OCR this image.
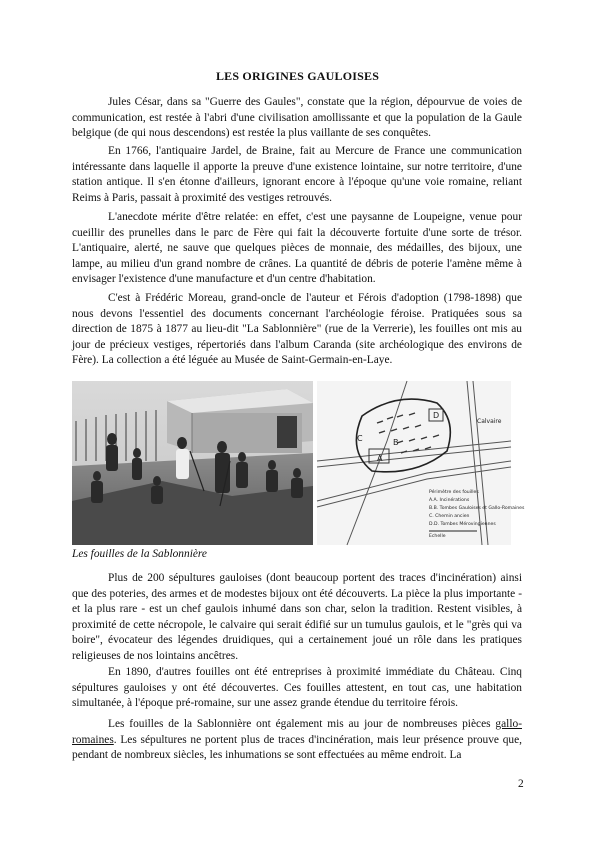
LES ORIGINES GAULOISES

Jules César, dans sa "Guerre des Gaules", constate que la région, dépourvue de voies de communication, est restée à l'abri d'une civilisation amollissante et que la population de la Gaule belgique (de qui nous descendons) est restée la plus vaillante de ses conquêtes.

En 1766, l'antiquaire Jardel, de Braine, fait au Mercure de France une communication intéressante dans laquelle il apporte la preuve d'une existence lointaine, sur notre territoire, d'une station antique. Il s'en étonne d'ailleurs, ignorant encore à l'époque qu'une voie romaine, reliant Reims à Paris, passait à proximité des vestiges retrouvés.

L'anecdote mérite d'être relatée: en effet, c'est une paysanne de Loupeigne, venue pour cueillir des prunelles dans le parc de Fère qui fait la découverte fortuite d'une sorte de trésor. L'antiquaire, alerté, ne sauve que quelques pièces de monnaie, des médailles, des bijoux, une lampe, au milieu d'un grand nombre de crânes. La quantité de débris de poterie l'amène même à envisager l'existence d'une manufacture et d'un centre d'habitation.

C'est à Frédéric Moreau, grand-oncle de l'auteur et Férois d'adoption (1798-1898) que nous devons l'essentiel des documents concernant l'archéologie féroise. Pratiquées sous sa direction de 1875 à 1877 au lieu-dit "La Sablonnière" (rue de la Verrerie), les fouilles ont mis au jour de précieux vestiges, répertoriés dans l'album Caranda (site archéologique des environs de Fère). La collection a été léguée au Musée de Saint-Germain-en-Laye.

A
B
C
D
Calvaire
Périmètre des fouilles
A.A. Incinérations
B.B. Tombes Gauloises et Gallo-Romaines
C. Chemin ancien
D.D. Tombes Mérovingiennes
Echelle
Les fouilles de la Sablonnière

Plus de 200 sépultures gauloises (dont beaucoup portent des traces d'incinération) ainsi que des poteries, des armes et de modestes bijoux ont été découverts. La pièce la plus importante - et la plus rare - est un chef gaulois inhumé dans son char, selon la tradition. Restent visibles, à proximité de cette nécropole, le calvaire qui serait édifié sur un tumulus gaulois, et le "grès qui va boire", évocateur des légendes druidiques, qui a certainement joué un rôle dans les pratiques religieuses de nos lointains ancêtres.

En 1890, d'autres fouilles ont été entreprises à proximité immédiate du Château. Cinq sépultures gauloises y ont été découvertes. Ces fouilles attestent, en tout cas, une habitation simultanée, à l'époque pré-romaine, sur une assez grande étendue du territoire férois.

Les fouilles de la Sablonnière ont également mis au jour de nombreuses pièces gallo-romaines. Les sépultures ne portent plus de traces d'incinération, mais leur présence prouve que, pendant de nombreux siècles, les inhumations se sont effectuées au même endroit. La

2
